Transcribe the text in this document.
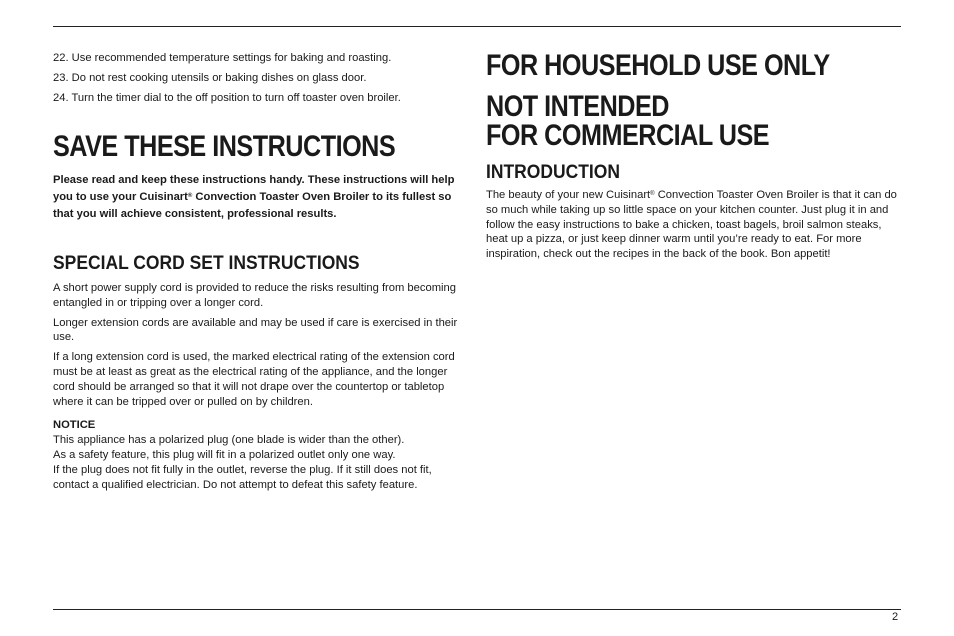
22. Use recommended temperature settings for baking and roasting.

23. Do not rest cooking utensils or baking dishes on glass door.

24. Turn the timer dial to the off position to turn off toaster oven broiler.

SAVE THESE INSTRUCTIONS

Please read and keep these instructions handy. These instructions will help you to use your Cuisinart® Convection Toaster Oven Broiler to its fullest so that you will achieve consistent, professional results.

SPECIAL CORD SET INSTRUCTIONS

A short power supply cord is provided to reduce the risks resulting from becoming entangled in or tripping over a longer cord.

Longer extension cords are available and may be used if care is exercised in their use.

If a long extension cord is used, the marked electrical rating of the extension cord must be at least as great as the electrical rating of the appliance, and the longer cord should be arranged so that it will not drape over the countertop or tabletop where it can be tripped over or pulled on by children.

NOTICE

This appliance has a polarized plug (one blade is wider than the other).
As a safety feature, this plug will fit in a polarized outlet only one way.
If the plug does not fit fully in the outlet, reverse the plug. If it still does not fit, contact a qualified electrician. Do not attempt to defeat this safety feature.

FOR HOUSEHOLD USE ONLY
NOT INTENDED
FOR COMMERCIAL USE
INTRODUCTION

The beauty of your new Cuisinart® Convection Toaster Oven Broiler is that it can do so much while taking up so little space on your kitchen counter. Just plug it in and follow the easy instructions to bake a chicken, toast bagels, broil salmon steaks, heat up a pizza, or just keep dinner warm until you’re ready to eat. For more inspiration, check out the recipes in the back of the book. Bon appetit!

2
